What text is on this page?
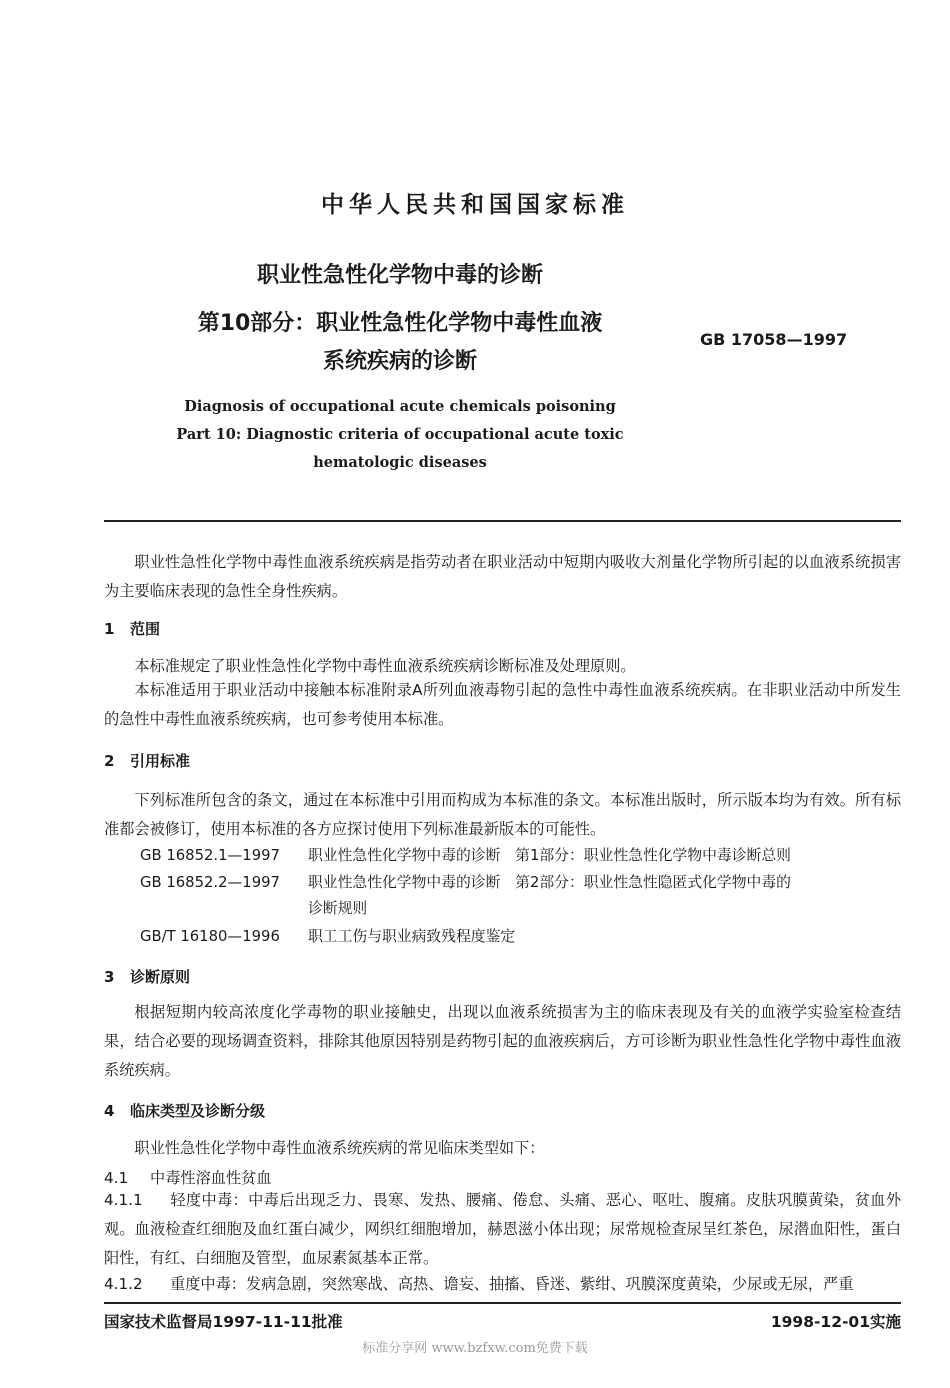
中华人民共和国国家标准
职业性急性化学物中毒的诊断
第10部分：职业性急性化学物中毒性血液
系统疾病的诊断
GB 17058—1997
Diagnosis of occupational acute chemicals poisoning
Part 10: Diagnostic criteria of occupational acute toxic
hematologic diseases
职业性急性化学物中毒性血液系统疾病是指劳动者在职业活动中短期内吸收大剂量化学物所引起的以血液系统损害为主要临床表现的急性全身性疾病。
1 范围
本标准规定了职业性急性化学物中毒性血液系统疾病诊断标准及处理原则。
本标准适用于职业活动中接触本标准附录A所列血液毒物引起的急性中毒性血液系统疾病。在非职业活动中所发生的急性中毒性血液系统疾病，也可参考使用本标准。
2 引用标准
下列标准所包含的条文，通过在本标准中引用而构成为本标准的条文。本标准出版时，所示版本均为有效。所有标准都会被修订，使用本标准的各方应探讨使用下列标准最新版本的可能性。
GB 16852.1—1997 职业性急性化学物中毒的诊断　第1部分：职业性急性化学物中毒诊断总则
GB 16852.2—1997 职业性急性化学物中毒的诊断　第2部分：职业性急性隐匿式化学物中毒的
诊断规则
GB/T 16180—1996 职工工伤与职业病致残程度鉴定
3 诊断原则
根据短期内较高浓度化学毒物的职业接触史，出现以血液系统损害为主的临床表现及有关的血液学实验室检查结果，结合必要的现场调查资料，排除其他原因特别是药物引起的血液疾病后，方可诊断为职业性急性化学物中毒性血液系统疾病。
4 临床类型及诊断分级
职业性急性化学物中毒性血液系统疾病的常见临床类型如下：
4.1 中毒性溶血性贫血
4.1.1 轻度中毒：中毒后出现乏力、畏寒、发热、腰痛、倦怠、头痛、恶心、呕吐、腹痛。皮肤巩膜黄染，贫血外观。血液检查红细胞及血红蛋白减少，网织红细胞增加，赫恩滋小体出现；尿常规检查尿呈红茶色，尿潜血阳性，蛋白阳性，有红、白细胞及管型，血尿素氮基本正常。
4.1.2 重度中毒：发病急剧，突然寒战、高热、谵妄、抽搐、昏迷、紫绀、巩膜深度黄染，少尿或无尿，严重
国家技术监督局1997-11-11批准	1998-12-01实施
标准分享网 www.bzfxw.com免费下载
